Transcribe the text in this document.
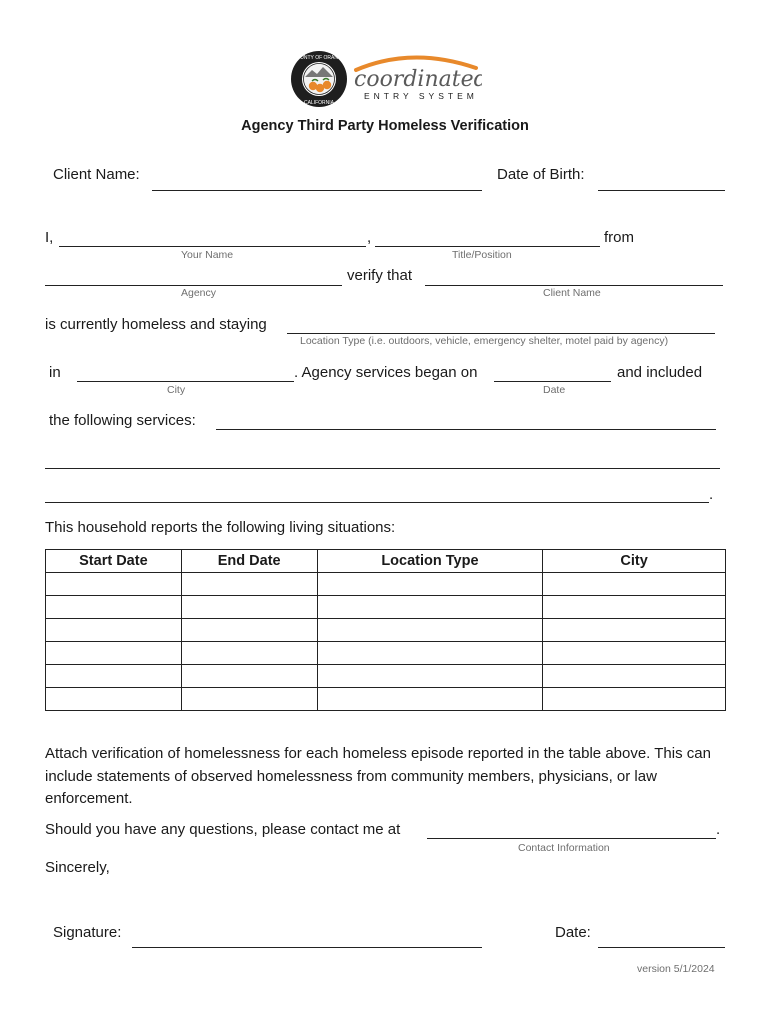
COUNTY OF ORANGE
CALIFORNIA
coordinated
ENTRY SYSTEM
Agency Third Party Homeless Verification
Client Name:	Date of Birth:
I,	,	from
Your Name	Title/Position
verify that
Agency	Client Name
is currently homeless and staying
Location Type (i.e. outdoors, vehicle, emergency shelter, motel paid by agency)
in	. Agency services began on	and included
City	Date
the following services:
.
This household reports the following living situations:
Start Date	End Date	Location Type	City

Attach verification of homelessness for each homeless episode reported in the table above. This can include statements of observed homelessness from community members, physicians, or law enforcement.
Should you have any questions, please contact me at	.
Contact Information
Sincerely,
Signature:	Date:
version 5/1/2024
